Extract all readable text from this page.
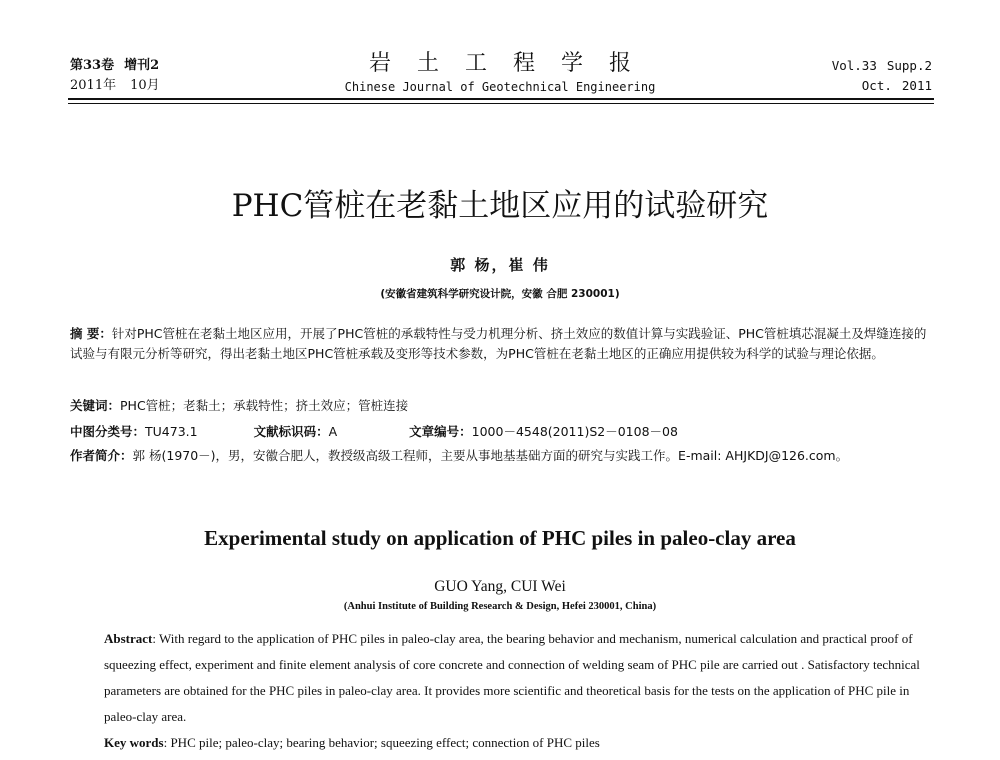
第33卷 增刊2
2011年 10月
岩土工程学报
Chinese Journal of Geotechnical Engineering
Vol.33 Supp.2
Oct. 2011
PHC管桩在老黏土地区应用的试验研究
郭 杨，崔 伟
(安徽省建筑科学研究设计院，安徽 合肥 230001)
摘 要：针对PHC管桩在老黏土地区应用，开展了PHC管桩的承载特性与受力机理分析、挤土效应的数值计算与实践验证、PHC管桩填芯混凝土及焊缝连接的试验与有限元分析等研究，得出老黏土地区PHC管桩承载及变形等技术参数，为PHC管桩在老黏土地区的正确应用提供较为科学的试验与理论依据。
关键词：PHC管桩；老黏土；承载特性；挤土效应；管桩连接
中图分类号：TU473.1	文献标识码：A	文章编号：1000－4548(2011)S2－0108－08
作者简介：郭 杨(1970－)，男，安徽合肥人，教授级高级工程师，主要从事地基基础方面的研究与实践工作。E-mail: AHJKDJ@126.com。
Experimental study on application of PHC piles in paleo-clay area
GUO Yang, CUI Wei
(Anhui Institute of Building Research & Design, Hefei 230001, China)
Abstract: With regard to the application of PHC piles in paleo-clay area, the bearing behavior and mechanism, numerical calculation and practical proof of squeezing effect, experiment and finite element analysis of core concrete and connection of welding seam of PHC pile are carried out . Satisfactory technical parameters are obtained for the PHC piles in paleo-clay area. It provides more scientific and theoretical basis for the tests on the application of PHC pile in paleo-clay area.
Key words: PHC pile; paleo-clay; bearing behavior; squeezing effect; connection of PHC piles
